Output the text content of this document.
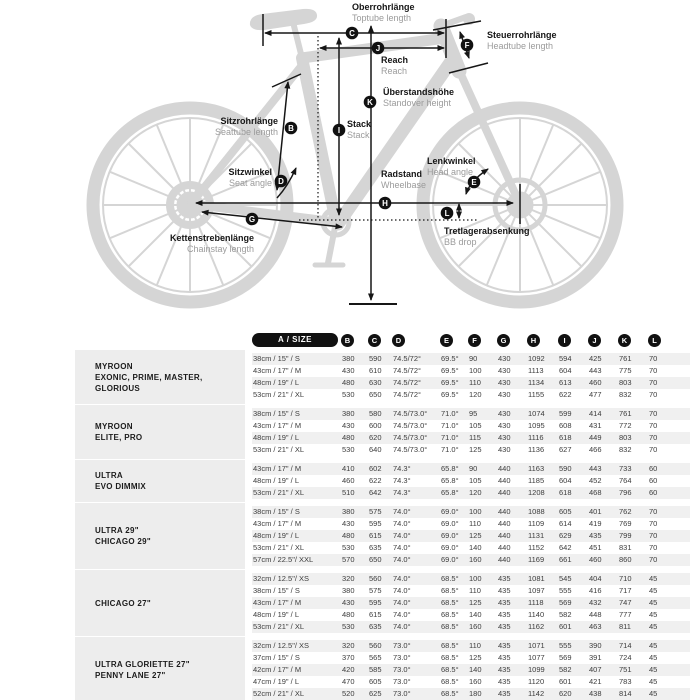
C
F
J
K
I
B
D
G
H
E
L
Oberrohrlänge
Toptube length
Steuerrohrlänge
Headtube length
Reach
Reach
Überstandshöhe
Standover height
Stack
Stack
Sitzrohrlänge
Seattube length
Sitzwinkel
Seat angle
Kettenstrebenlänge
Chainstay length
Radstand
Wheelbase
Lenkwinkel
Head angle
Tretlagerabsenkung
BB drop
A / SIZE	B	C	D	E	F	G	H	I	J	K	L
MYROON
EXONIC, PRIME, MASTER, GLORIOUS
38cm / 15" / S	380	590	74.5/72°	69.5°	90	430	1092	594	425	761	70
43cm / 17" / M	430	610	74.5/72°	69.5°	100	430	1113	604	443	775	70
48cm / 19" / L	480	630	74.5/72°	69.5°	110	430	1134	613	460	803	70
53cm / 21" / XL	530	650	74.5/72°	69.5°	120	430	1155	622	477	832	70
MYROON
ELITE, PRO
38cm / 15" / S	380	580	74.5/73.0°	71.0°	95	430	1074	599	414	761	70
43cm / 17" / M	430	600	74.5/73.0°	71.0°	105	430	1095	608	431	772	70
48cm / 19" / L	480	620	74.5/73.0°	71.0°	115	430	1116	618	449	803	70
53cm / 21" / XL	530	640	74.5/73.0°	71.0°	125	430	1136	627	466	832	70
ULTRA
EVO DIMMIX
43cm / 17" / M	410	602	74.3°	65.8°	90	440	1163	590	443	733	60
48cm / 19" / L	460	622	74.3°	65.8°	105	440	1185	604	452	764	60
53cm / 21" / XL	510	642	74.3°	65.8°	120	440	1208	618	468	796	60
ULTRA 29"
CHICAGO 29"
38cm / 15" / S	380	575	74.0°	69.0°	100	440	1088	605	401	762	70
43cm / 17" / M	430	595	74.0°	69.0°	110	440	1109	614	419	769	70
48cm / 19" / L	480	615	74.0°	69.0°	125	440	1131	629	435	799	70
53cm / 21" / XL	530	635	74.0°	69.0°	140	440	1152	642	451	831	70
57cm / 22.5"/ XXL	570	650	74.0°	69.0°	160	440	1169	661	460	860	70
CHICAGO 27"
32cm / 12.5"/ XS	320	560	74.0°	68.5°	100	435	1081	545	404	710	45
38cm / 15" / S	380	575	74.0°	68.5°	110	435	1097	555	416	717	45
43cm / 17" / M	430	595	74.0°	68.5°	125	435	1118	569	432	747	45
48cm / 19" / L	480	615	74.0°	68.5°	140	435	1140	582	448	777	45
53cm / 21" / XL	530	635	74.0°	68.5°	160	435	1162	601	463	811	45
ULTRA GLORIETTE 27"
PENNY LANE 27"
32cm / 12.5"/ XS	320	560	73.0°	68.5°	110	435	1071	555	390	714	45
37cm / 15" / S	370	565	73.0°	68.5°	125	435	1077	569	391	724	45
42cm / 17" / M	420	585	73.0°	68.5°	140	435	1099	582	407	751	45
47cm / 19" / L	470	605	73.0°	68.5°	160	435	1120	601	421	783	45
52cm / 21" / XL	520	625	73.0°	68.5°	180	435	1142	620	438	814	45
